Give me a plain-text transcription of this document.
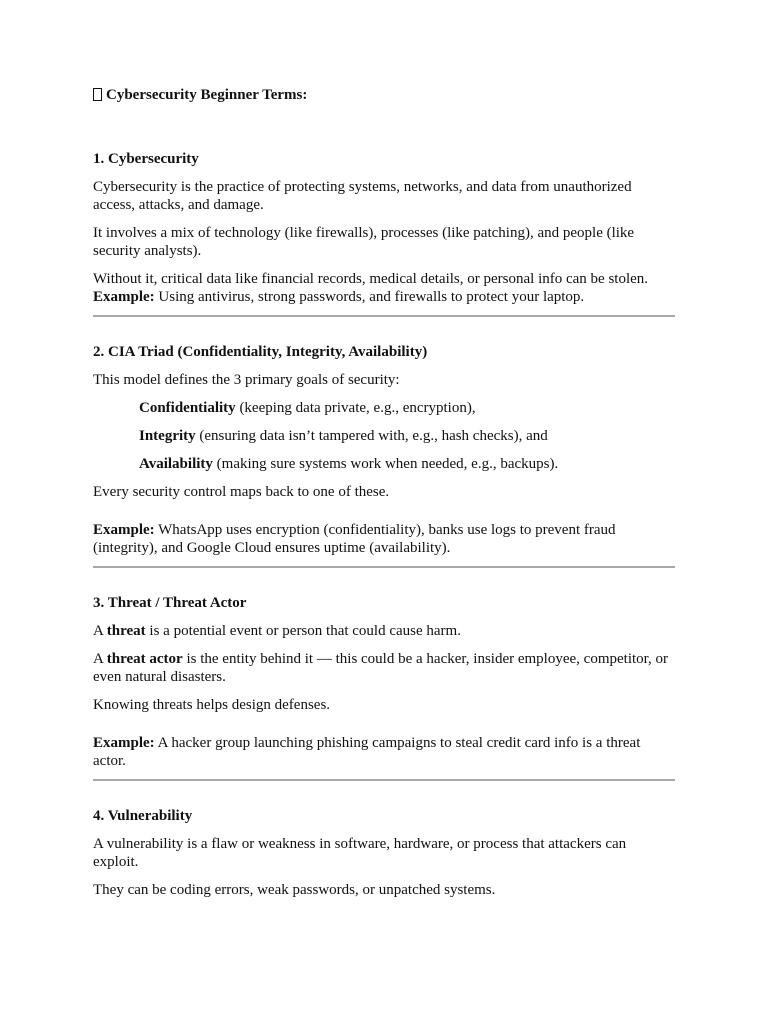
Cybersecurity Beginner Terms:
1. Cybersecurity

Cybersecurity is the practice of protecting systems, networks, and data from unauthorized access, attacks, and damage.

It involves a mix of technology (like firewalls), processes (like patching), and people (like security analysts).

Without it, critical data like financial records, medical details, or personal info can be stolen.
Example: Using antivirus, strong passwords, and firewalls to protect your laptop.

2. CIA Triad (Confidentiality, Integrity, Availability)

This model defines the 3 primary goals of security:

Confidentiality (keeping data private, e.g., encryption),

Integrity (ensuring data isn’t tampered with, e.g., hash checks), and

Availability (making sure systems work when needed, e.g., backups).

Every security control maps back to one of these.

Example: WhatsApp uses encryption (confidentiality), banks use logs to prevent fraud (integrity), and Google Cloud ensures uptime (availability).

3. Threat / Threat Actor

A threat is a potential event or person that could cause harm.

A threat actor is the entity behind it — this could be a hacker, insider employee, competitor, or even natural disasters.

Knowing threats helps design defenses.

Example: A hacker group launching phishing campaigns to steal credit card info is a threat actor.

4. Vulnerability

A vulnerability is a flaw or weakness in software, hardware, or process that attackers can exploit.

They can be coding errors, weak passwords, or unpatched systems.
